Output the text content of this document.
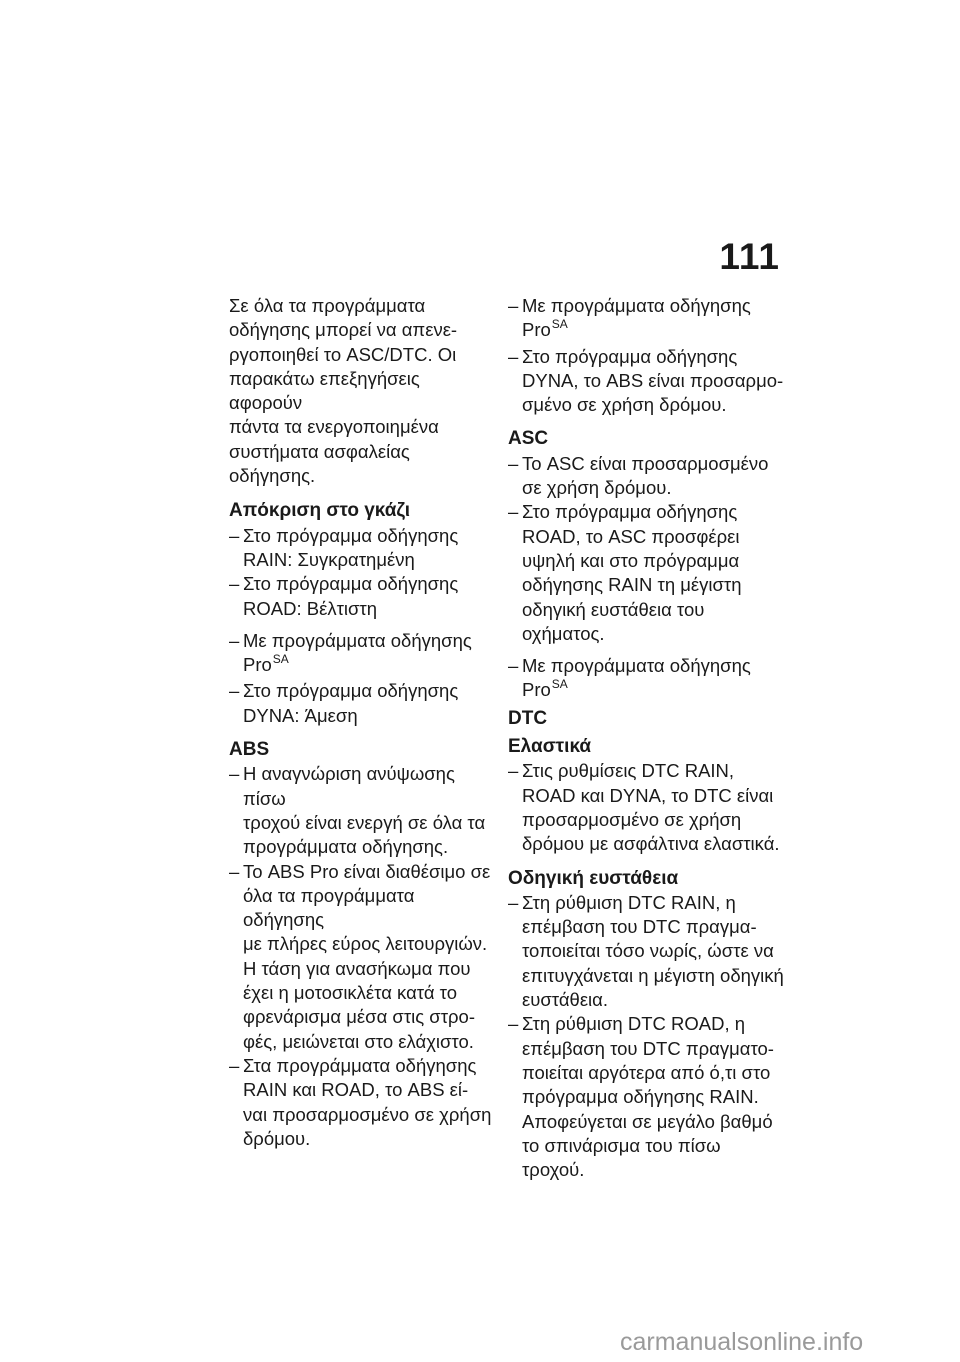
111
Σε όλα τα προγράμματα
οδήγησης μπορεί να απενε-
ργοποιηθεί το ASC/DTC. Οι
παρακάτω επεξηγήσεις αφορούν
πάντα τα ενεργοποιημένα
συστήματα ασφαλείας οδήγησης.
Απόκριση στο γκάζι
– Στο πρόγραμμα οδήγησης
RAIN: Συγκρατημένη
– Στο πρόγραμμα οδήγησης
ROAD: Βέλτιστη
– Με προγράμματα οδήγησης
Pro$^{SA}$
– Στο πρόγραμμα οδήγησης
DYNA: Άμεση
ABS
– Η αναγνώριση ανύψωσης πίσω
τροχού είναι ενεργή σε όλα τα
προγράμματα οδήγησης.
– Το ABS Pro είναι διαθέσιμο σε
όλα τα προγράμματα οδήγησης
με πλήρες εύρος λειτουργιών.
Η τάση για ανασήκωμα που
έχει η μοτοσικλέτα κατά το
φρενάρισμα μέσα στις στρο-
φές, μειώνεται στο ελάχιστο.
– Στα προγράμματα οδήγησης
RAIN και ROAD, το ABS εί-
ναι προσαρμοσμένο σε χρήση
δρόμου.
– Με προγράμματα οδήγησης
Pro$^{SA}$
– Στο πρόγραμμα οδήγησης
DYNA, το ABS είναι προσαρμο-
σμένο σε χρήση δρόμου.
ASC
– Το ASC είναι προσαρμοσμένο
σε χρήση δρόμου.
– Στο πρόγραμμα οδήγησης
ROAD, το ASC προσφέρει
υψηλή και στο πρόγραμμα
οδήγησης RAIN τη μέγιστη
οδηγική ευστάθεια του
οχήματος.
– Με προγράμματα οδήγησης
Pro$^{SA}$
DTC
Ελαστικά
– Στις ρυθμίσεις DTC RAIN,
ROAD και DYNA, το DTC είναι
προσαρμοσμένο σε χρήση
δρόμου με ασφάλτινα ελαστικά.
Οδηγική ευστάθεια
– Στη ρύθμιση DTC RAIN, η
επέμβαση του DTC πραγμα-
τοποιείται τόσο νωρίς, ώστε να
επιτυγχάνεται η μέγιστη οδηγική
ευστάθεια.
– Στη ρύθμιση DTC ROAD, η
επέμβαση του DTC πραγματο-
ποιείται αργότερα από ό,τι στο
πρόγραμμα οδήγησης RAIN.
Αποφεύγεται σε μεγάλο βαθμό
το σπινάρισμα του πίσω τροχού.
carmanualsonline.info
